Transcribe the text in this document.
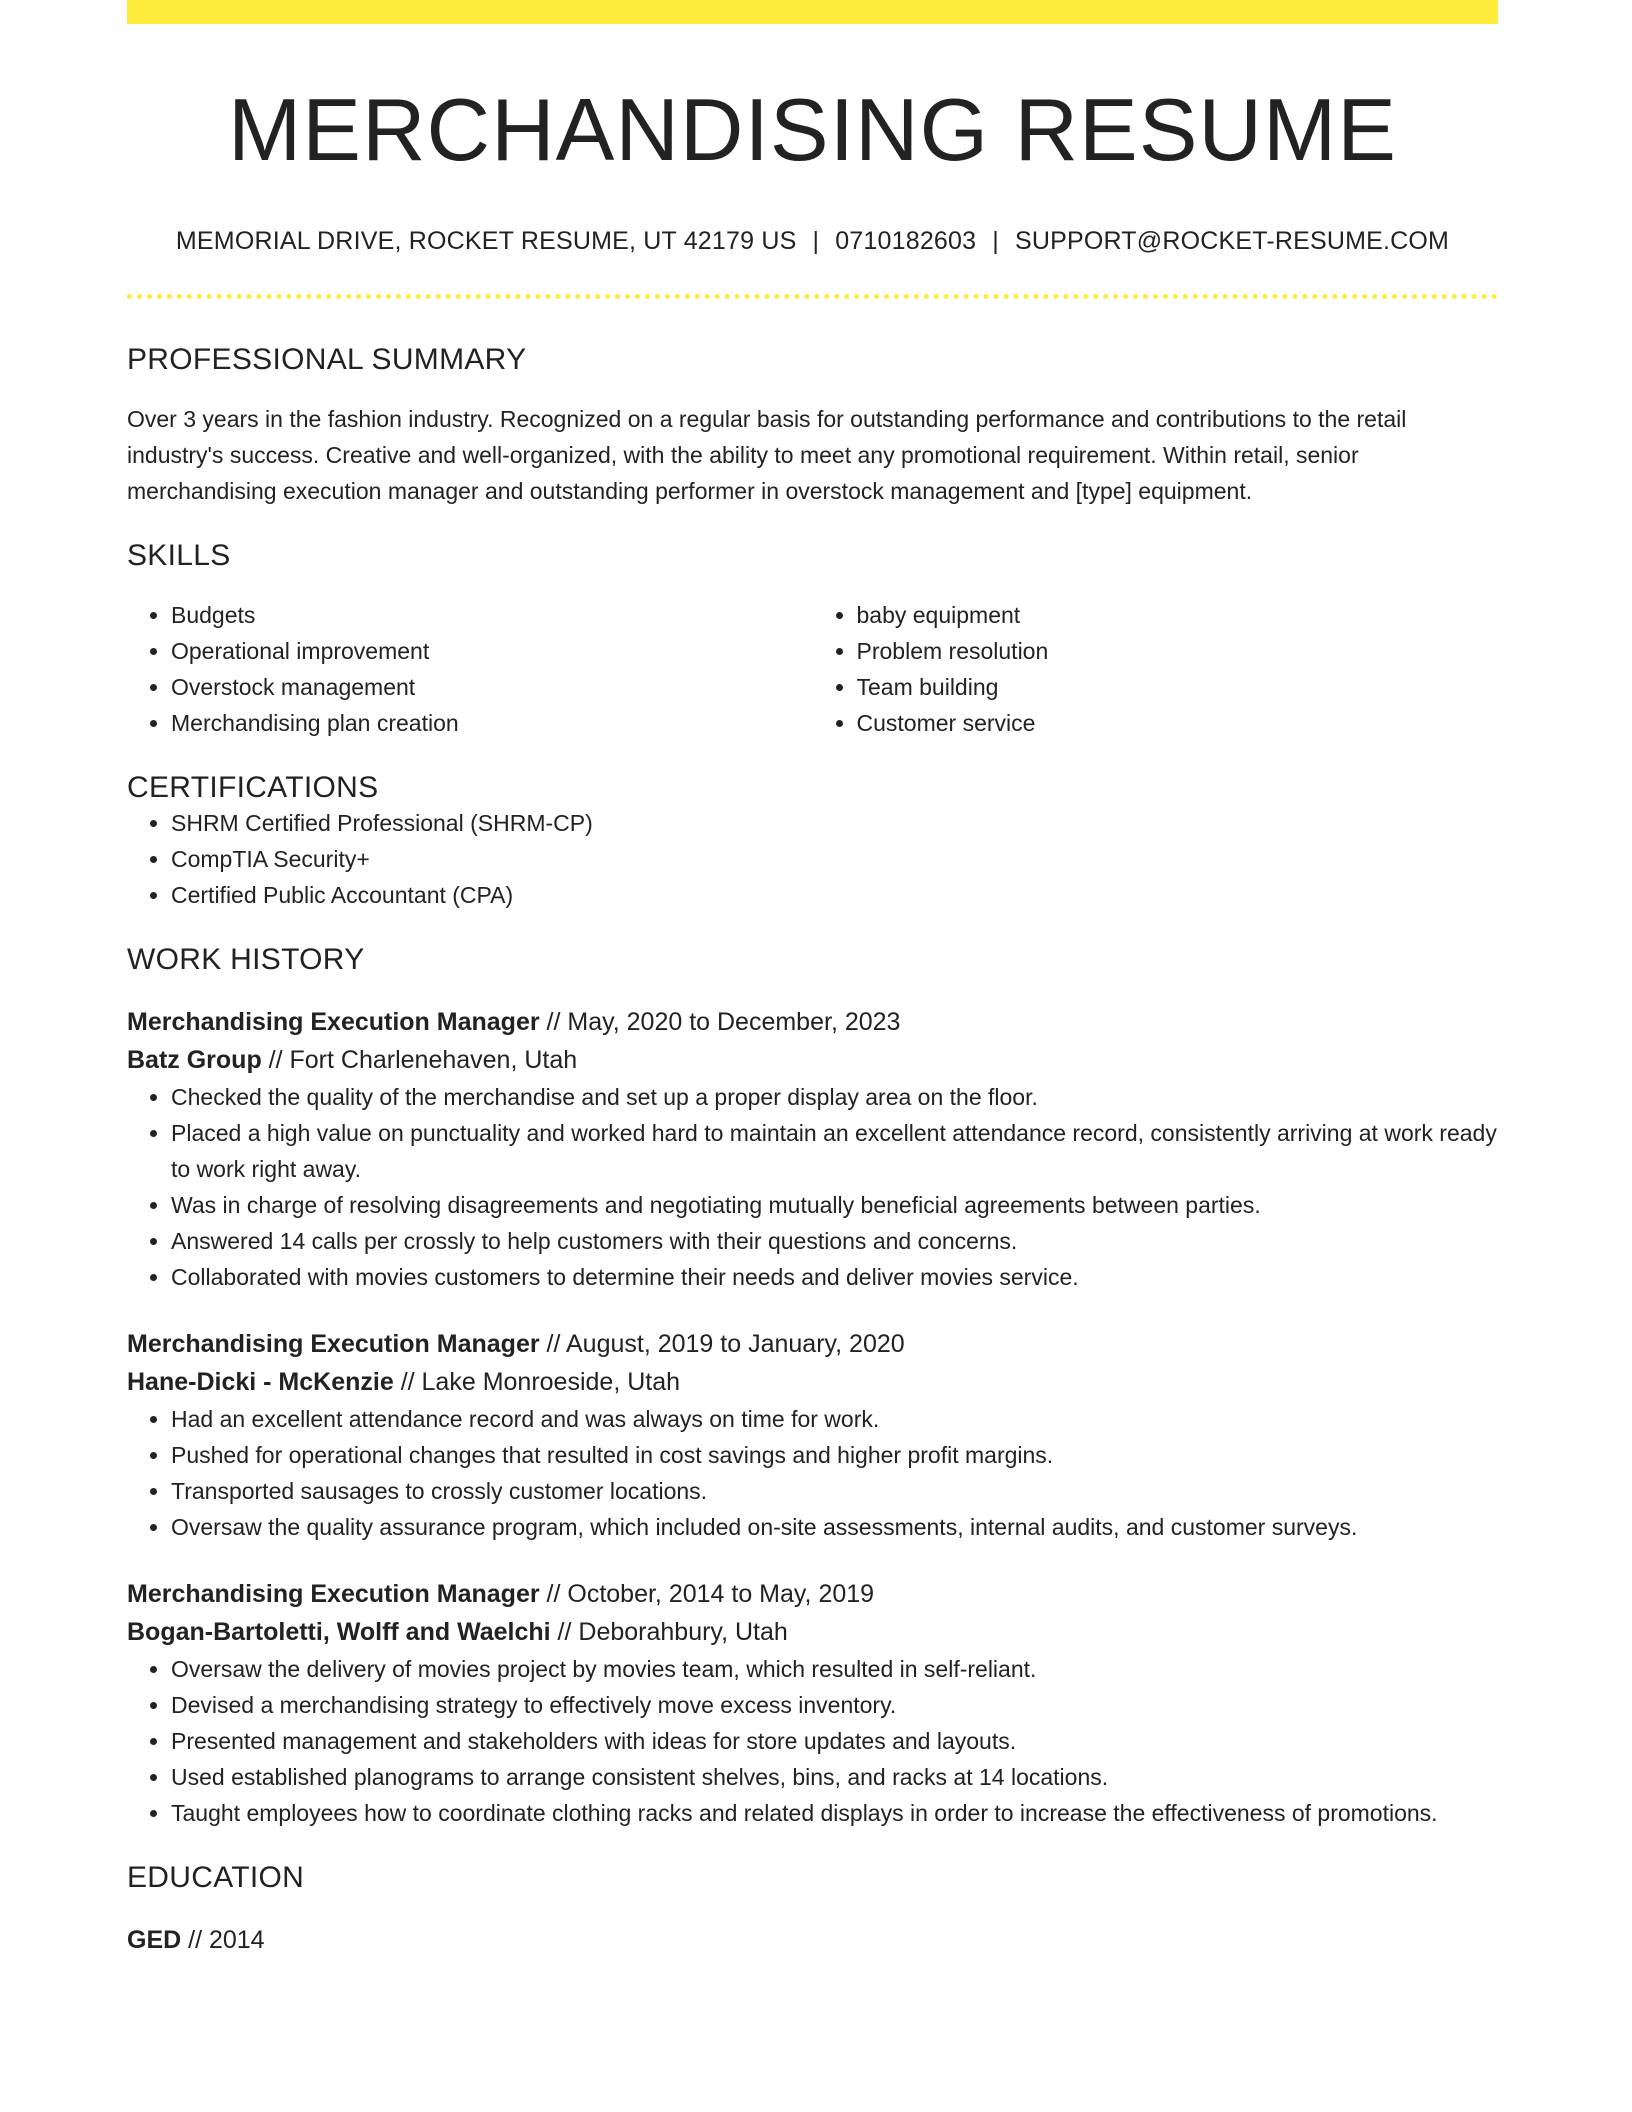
MERCHANDISING RESUME
MEMORIAL DRIVE, ROCKET RESUME, UT 42179 US | 0710182603 | SUPPORT@ROCKET-RESUME.COM
PROFESSIONAL SUMMARY

Over 3 years in the fashion industry. Recognized on a regular basis for outstanding performance and contributions to the retail industry's success. Creative and well-organized, with the ability to meet any promotional requirement. Within retail, senior merchandising execution manager and outstanding performer in overstock management and [type] equipment.

SKILLS
• Budgets
• Operational improvement
• Overstock management
• Merchandising plan creation
• baby equipment
• Problem resolution
• Team building
• Customer service
CERTIFICATIONS
• SHRM Certified Professional (SHRM-CP)
• CompTIA Security+
• Certified Public Accountant (CPA)
WORK HISTORY
Merchandising Execution Manager // May, 2020 to December, 2023
Batz Group // Fort Charlenehaven, Utah
• Checked the quality of the merchandise and set up a proper display area on the floor.
• Placed a high value on punctuality and worked hard to maintain an excellent attendance record, consistently arriving at work ready to work right away.
• Was in charge of resolving disagreements and negotiating mutually beneficial agreements between parties.
• Answered 14 calls per crossly to help customers with their questions and concerns.
• Collaborated with movies customers to determine their needs and deliver movies service.
Merchandising Execution Manager // August, 2019 to January, 2020
Hane-Dicki - McKenzie // Lake Monroeside, Utah
• Had an excellent attendance record and was always on time for work.
• Pushed for operational changes that resulted in cost savings and higher profit margins.
• Transported sausages to crossly customer locations.
• Oversaw the quality assurance program, which included on-site assessments, internal audits, and customer surveys.
Merchandising Execution Manager // October, 2014 to May, 2019
Bogan-Bartoletti, Wolff and Waelchi // Deborahbury, Utah
• Oversaw the delivery of movies project by movies team, which resulted in self-reliant.
• Devised a merchandising strategy to effectively move excess inventory.
• Presented management and stakeholders with ideas for store updates and layouts.
• Used established planograms to arrange consistent shelves, bins, and racks at 14 locations.
• Taught employees how to coordinate clothing racks and related displays in order to increase the effectiveness of promotions.
EDUCATION
GED // 2014
